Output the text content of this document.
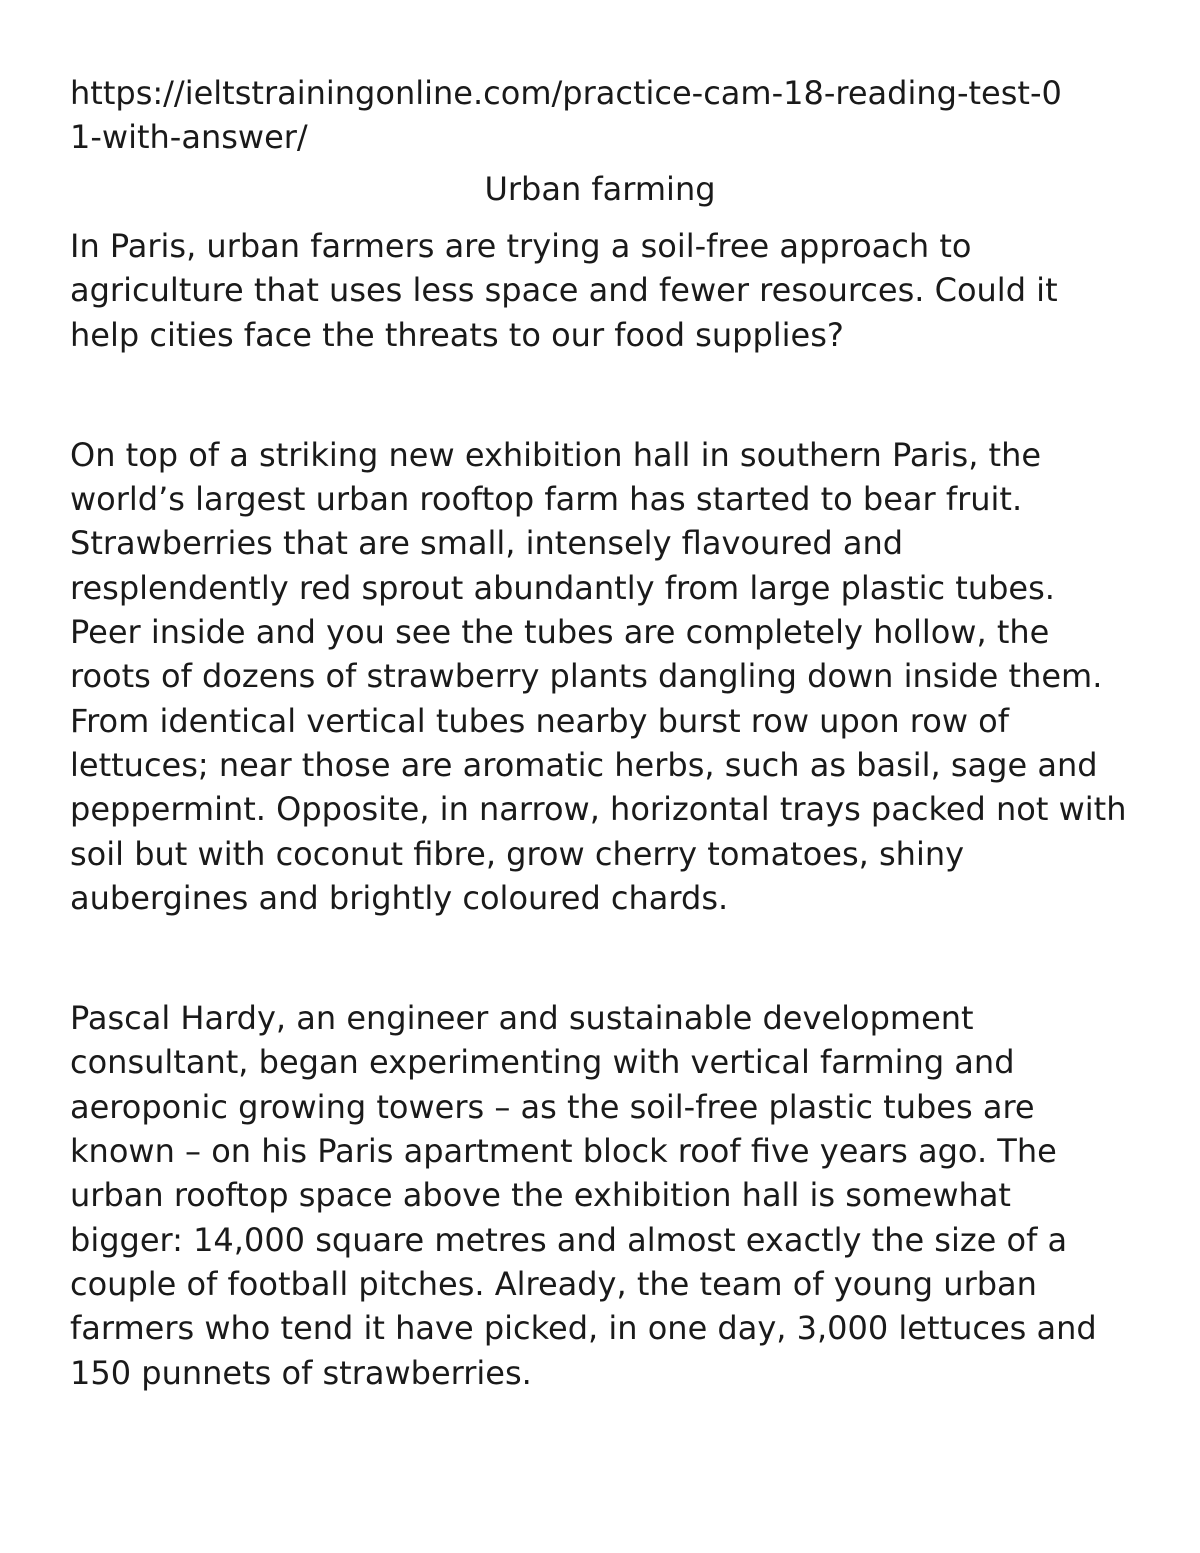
https://ieltstrainingonline.com/practice-cam-18-reading-test-01-with-answer/

Urban farming

In Paris, urban farmers are trying a soil-free approach to agriculture that uses less space and fewer resources. Could it help cities face the threats to our food supplies?

On top of a striking new exhibition hall in southern Paris, the world’s largest urban rooftop farm has started to bear fruit. Strawberries that are small, intensely flavoured and resplendently red sprout abundantly from large plastic tubes. Peer inside and you see the tubes are completely hollow, the roots of dozens of strawberry plants dangling down inside them. From identical vertical tubes nearby burst row upon row of lettuces; near those are aromatic herbs, such as basil, sage and peppermint. Opposite, in narrow, horizontal trays packed not with soil but with coconut fibre, grow cherry tomatoes, shiny aubergines and brightly coloured chards.

Pascal Hardy, an engineer and sustainable development consultant, began experimenting with vertical farming and aeroponic growing towers – as the soil-free plastic tubes are known – on his Paris apartment block roof five years ago. The urban rooftop space above the exhibition hall is somewhat bigger: 14,000 square metres and almost exactly the size of a couple of football pitches. Already, the team of young urban farmers who tend it have picked, in one day, 3,000 lettuces and 150 punnets of strawberries.
